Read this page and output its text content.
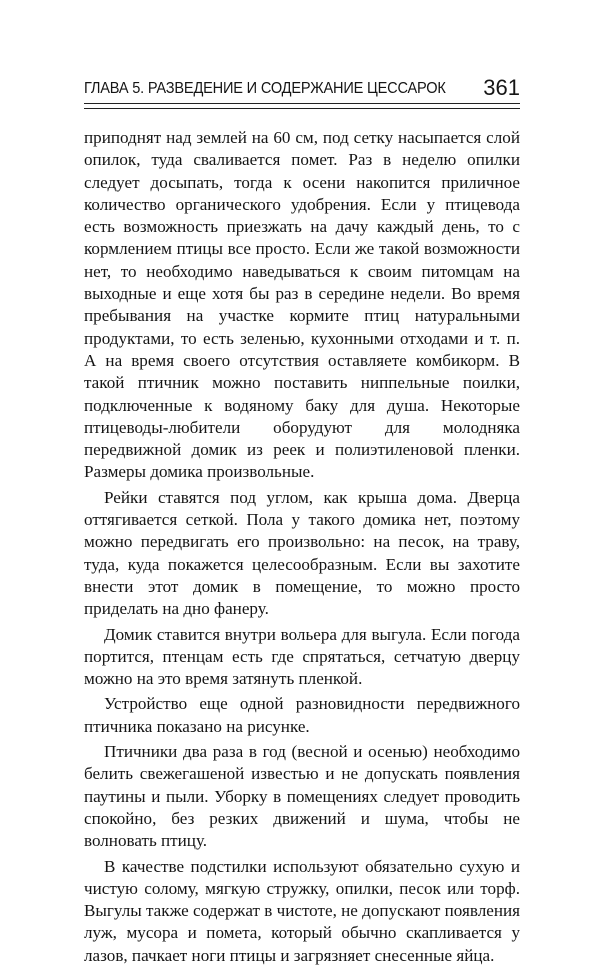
ГЛАВА 5. РАЗВЕДЕНИЕ И СОДЕРЖАНИЕ ЦЕССАРОК 361

приподнят над землей на 60 см, под сетку насыпается слой опилок, туда сваливается помет. Раз в неделю опилки следует досыпать, тогда к осени накопится приличное количество органического удобрения. Если у птицевода есть возможность приезжать на дачу каждый день, то с кормлением птицы все просто. Если же такой возможности нет, то необходимо наведываться к своим питомцам на выходные и еще хотя бы раз в середине недели. Во время пребывания на участке кормите птиц натуральными продуктами, то есть зеленью, кухонными отходами и т. п. А на время своего отсутствия оставляете комбикорм. В такой птичник можно поставить ниппельные поилки, подключенные к водяному баку для душа. Некоторые птицеводы-любители оборудуют для молодняка передвижной домик из реек и полиэтиленовой пленки. Размеры домика произвольные.

Рейки ставятся под углом, как крыша дома. Дверца оттягивается сеткой. Пола у такого домика нет, поэтому можно передвигать его произвольно: на песок, на траву, туда, куда покажется целесообразным. Если вы захотите внести этот домик в помещение, то можно просто приделать на дно фанеру.

Домик ставится внутри вольера для выгула. Если погода портится, птенцам есть где спрятаться, сетчатую дверцу можно на это время затянуть пленкой.

Устройство еще одной разновидности передвижного птичника показано на рисунке.

Птичники два раза в год (весной и осенью) необходимо белить свежегашеной известью и не допускать появления паутины и пыли. Уборку в помещениях следует проводить спокойно, без резких движений и шума, чтобы не волновать птицу.

В качестве подстилки используют обязательно сухую и чистую солому, мягкую стружку, опилки, песок или торф. Выгулы также содержат в чистоте, не допускают появления луж, мусора и помета, который обычно скапливается у лазов, пачкает ноги птицы и загрязняет снесенные яйца.
